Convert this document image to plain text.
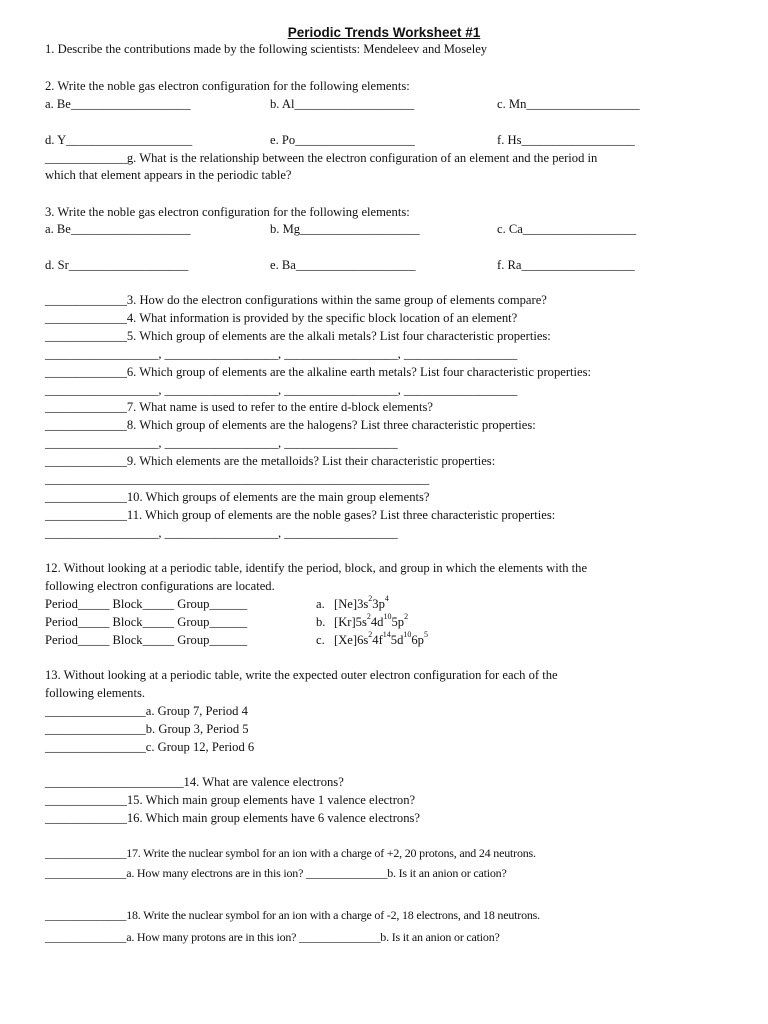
Periodic Trends Worksheet #1
1. Describe the contributions made by the following scientists: Mendeleev and Moseley
2. Write the noble gas electron configuration for the following elements:
a. Be___________________	b. Al___________________	c. Mn__________________
d. Y____________________	e. Po___________________	f. Hs__________________
_____________g. What is the relationship between the electron configuration of an element and the period in
which that element appears in the periodic table?
3. Write the noble gas electron configuration for the following elements:
a. Be___________________	b. Mg___________________	c. Ca__________________
d. Sr___________________	e. Ba___________________	f. Ra__________________
_____________3. How do the electron configurations within the same group of elements compare?
_____________4. What information is provided by the specific block location of an element?
_____________5. Which group of elements are the alkali metals? List four characteristic properties:
__________________, __________________, __________________, __________________
_____________6. Which group of elements are the alkaline earth metals? List four characteristic properties:
__________________, __________________, __________________, __________________
_____________7. What name is used to refer to the entire d-block elements?
_____________8. Which group of elements are the halogens? List three characteristic properties:
__________________, __________________, __________________
_____________9. Which elements are the metalloids? List their characteristic properties:
_____________________________________________________________
_____________10. Which groups of elements are the main group elements?
_____________11. Which group of elements are the noble gases? List three characteristic properties:
__________________, __________________, __________________
12. Without looking at a periodic table, identify the period, block, and group in which the elements with the
following electron configurations are located.
Period_____ Block_____ Group______	a. $[Ne]3s^23p^4$
Period_____ Block_____ Group______	b. $[Kr]5s^24d^{10}5p^2$
Period_____ Block_____ Group______	c. $[Xe]6s^24f^{14}5d^{10}6p^5$
13. Without looking at a periodic table, write the expected outer electron configuration for each of the
following elements.
________________a. Group 7, Period 4
________________b. Group 3, Period 5
________________c. Group 12, Period 6
______________________14. What are valence electrons?
_____________15. Which main group elements have 1 valence electron?
_____________16. Which main group elements have 6 valence electrons?
______________17. Write the nuclear symbol for an ion with a charge of +2, 20 protons, and 24 neutrons.
______________a. How many electrons are in this ion? ______________b. Is it an anion or cation?
______________18. Write the nuclear symbol for an ion with a charge of -2, 18 electrons, and 18 neutrons.
______________a. How many protons are in this ion? ______________b. Is it an anion or cation?
